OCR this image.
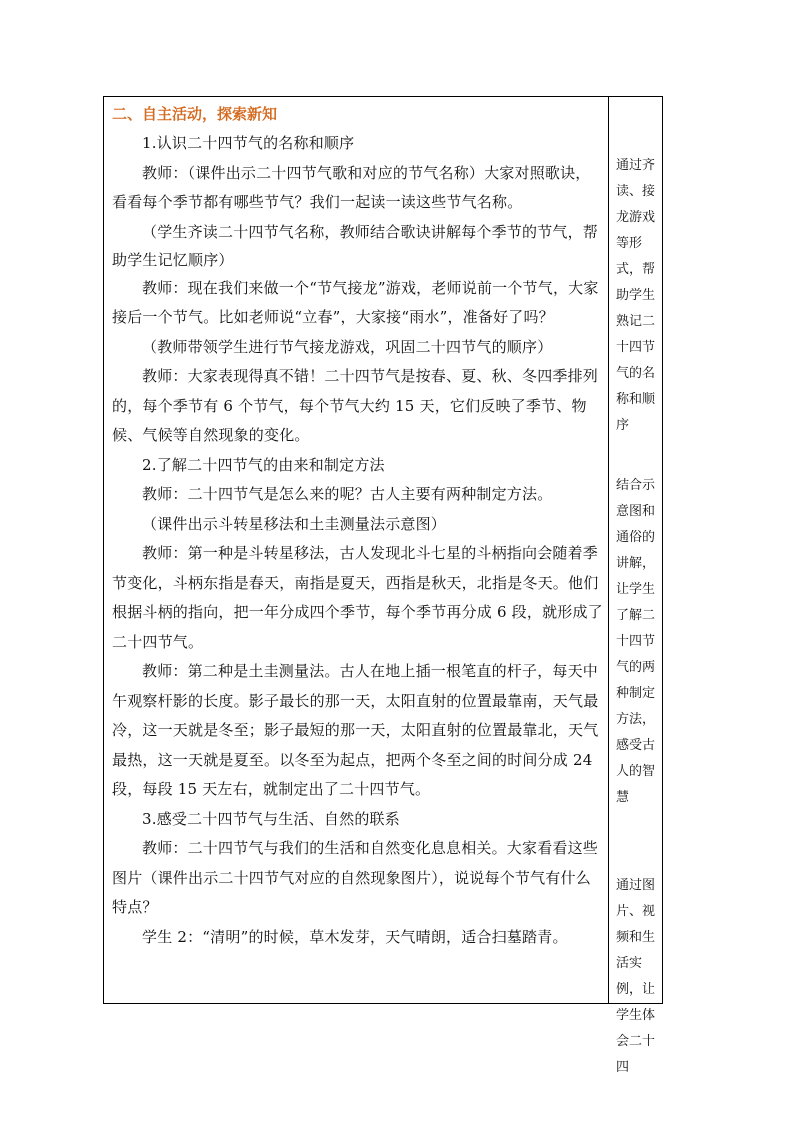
二、自主活动，探索新知

1.认识二十四节气的名称和顺序

教师：（课件出示二十四节气歌和对应的节气名称）大家对照歌诀，看看每个季节都有哪些节气？我们一起读一读这些节气名称。

（学生齐读二十四节气名称，教师结合歌诀讲解每个季节的节气，帮助学生记忆顺序）

教师：现在我们来做一个“节气接龙”游戏，老师说前一个节气，大家接后一个节气。比如老师说“立春”，大家接“雨水”，准备好了吗？

（教师带领学生进行节气接龙游戏，巩固二十四节气的顺序）

教师：大家表现得真不错！二十四节气是按春、夏、秋、冬四季排列的，每个季节有 6 个节气，每个节气大约 15 天，它们反映了季节、物候、气候等自然现象的变化。

2.了解二十四节气的由来和制定方法

教师：二十四节气是怎么来的呢？古人主要有两种制定方法。

（课件出示斗转星移法和土圭测量法示意图）

教师：第一种是斗转星移法，古人发现北斗七星的斗柄指向会随着季节变化，斗柄东指是春天，南指是夏天，西指是秋天，北指是冬天。他们根据斗柄的指向，把一年分成四个季节，每个季节再分成 6 段，就形成了二十四节气。

教师：第二种是土圭测量法。古人在地上插一根笔直的杆子，每天中午观察杆影的长度。影子最长的那一天，太阳直射的位置最靠南，天气最冷，这一天就是冬至；影子最短的那一天，太阳直射的位置最靠北，天气最热，这一天就是夏至。以冬至为起点，把两个冬至之间的时间分成 24 段，每段 15 天左右，就制定出了二十四节气。

3.感受二十四节气与生活、自然的联系

教师：二十四节气与我们的生活和自然变化息息相关。大家看看这些图片（课件出示二十四节气对应的自然现象图片），说说每个节气有什么特点？

学生 2：“清明”的时候，草木发芽，天气晴朗，适合扫墓踏青。

通过齐读、接龙游戏等形式，帮助学生熟记二十四节气的名称和顺序
结合示意图和通俗的讲解，让学生了解二十四节气的两种制定方法，感受古人的智慧
通过图片、视频和生活实例，让学生体会二十四
